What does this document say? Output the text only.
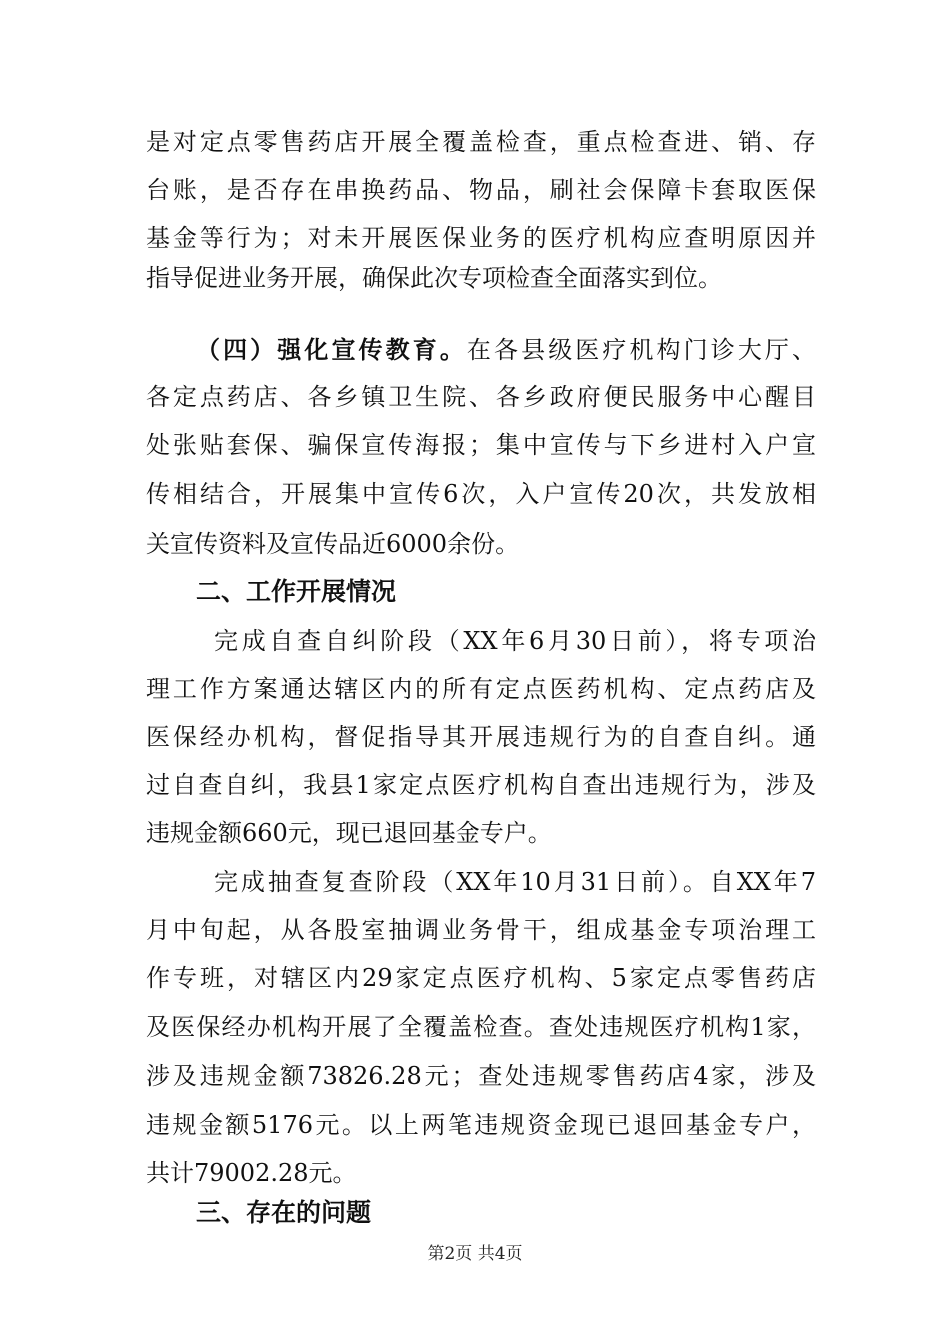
是对定点零售药店开展全覆盖检查，重点检查进、销、存
台账，是否存在串换药品、物品，刷社会保障卡套取医保
基金等行为；对未开展医保业务的医疗机构应查明原因并
指导促进业务开展，确保此次专项检查全面落实到位。
（四）强化宣传教育。在各县级医疗机构门诊大厅、
各定点药店、各乡镇卫生院、各乡政府便民服务中心醒目
处张贴套保、骗保宣传海报；集中宣传与下乡进村入户宣
传相结合，开展集中宣传6次，入户宣传20次，共发放相
关宣传资料及宣传品近6000余份。
二、工作开展情况
完成自查自纠阶段（XX年6月30日前），将专项治
理工作方案通达辖区内的所有定点医药机构、定点药店及
医保经办机构，督促指导其开展违规行为的自查自纠。通
过自查自纠，我县1家定点医疗机构自查出违规行为，涉及
违规金额660元，现已退回基金专户。
完成抽查复查阶段（XX年10月31日前）。自XX年7
月中旬起，从各股室抽调业务骨干，组成基金专项治理工
作专班，对辖区内29家定点医疗机构、5家定点零售药店
及医保经办机构开展了全覆盖检查。查处违规医疗机构1家，
涉及违规金额73826.28元；查处违规零售药店4家，涉及
违规金额5176元。以上两笔违规资金现已退回基金专户，
共计79002.28元。
三、存在的问题
第2页 共4页
